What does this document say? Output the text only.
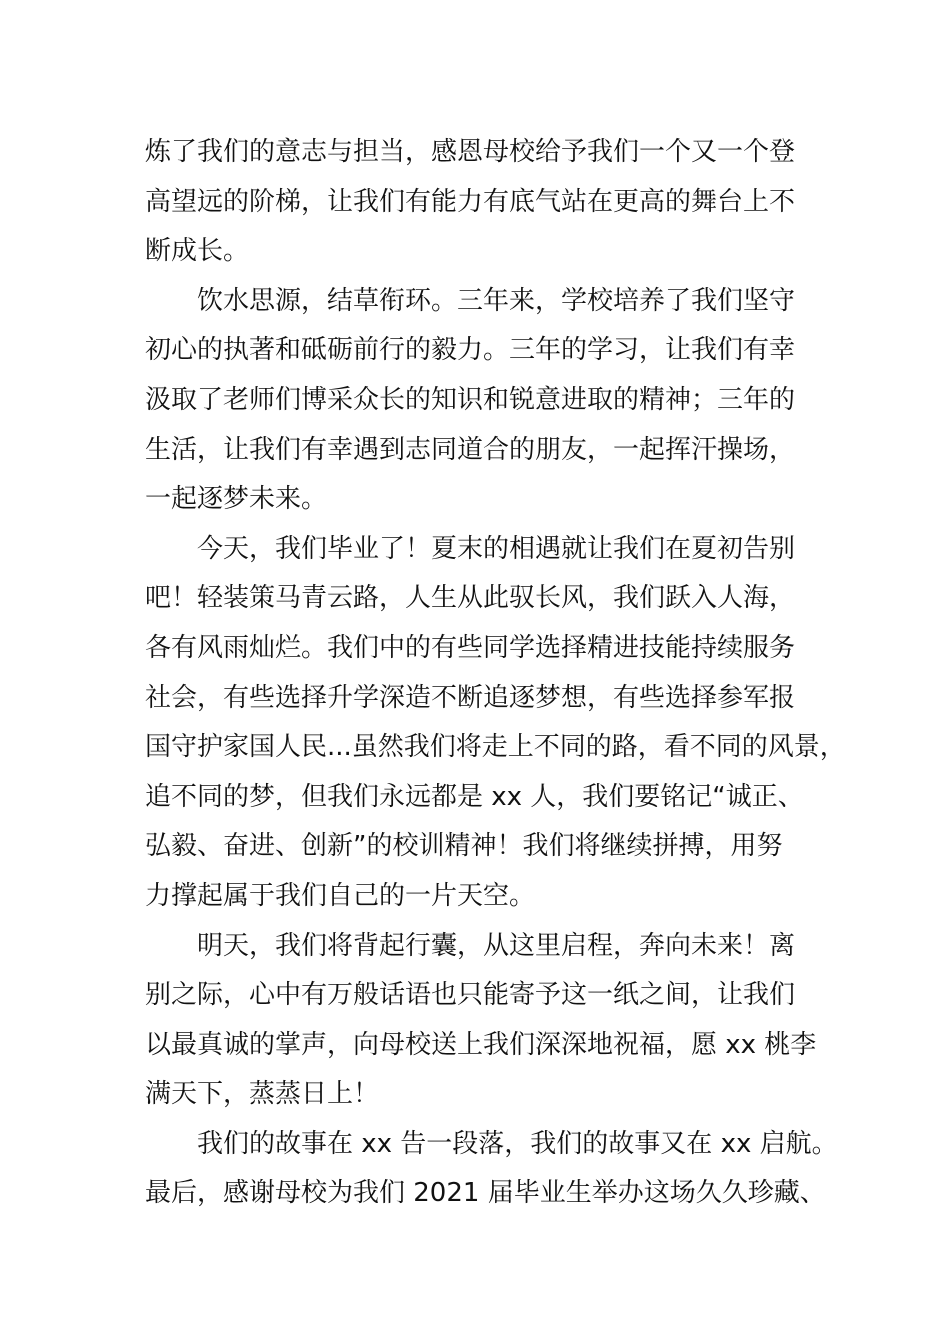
炼了我们的意志与担当，感恩母校给予我们一个又一个登
高望远的阶梯，让我们有能力有底气站在更高的舞台上不
断成长。
饮水思源，结草衔环。三年来，学校培养了我们坚守
初心的执著和砥砺前行的毅力。三年的学习，让我们有幸
汲取了老师们博采众长的知识和锐意进取的精神；三年的
生活，让我们有幸遇到志同道合的朋友，一起挥汗操场，
一起逐梦未来。
今天，我们毕业了！夏末的相遇就让我们在夏初告别
吧！轻装策马青云路，人生从此驭长风，我们跃入人海，
各有风雨灿烂。我们中的有些同学选择精进技能持续服务
社会，有些选择升学深造不断追逐梦想，有些选择参军报
国守护家国人民...虽然我们将走上不同的路，看不同的风景，
追不同的梦，但我们永远都是 xx 人，我们要铭记“诚正、
弘毅、奋进、创新”的校训精神！我们将继续拼搏，用努
力撑起属于我们自己的一片天空。
明天，我们将背起行囊，从这里启程，奔向未来！离
别之际，心中有万般话语也只能寄予这一纸之间，让我们
以最真诚的掌声，向母校送上我们深深地祝福，愿 xx 桃李
满天下，蒸蒸日上！
我们的故事在 xx 告一段落，我们的故事又在 xx 启航。
最后，感谢母校为我们 2021 届毕业生举办这场久久珍藏、
